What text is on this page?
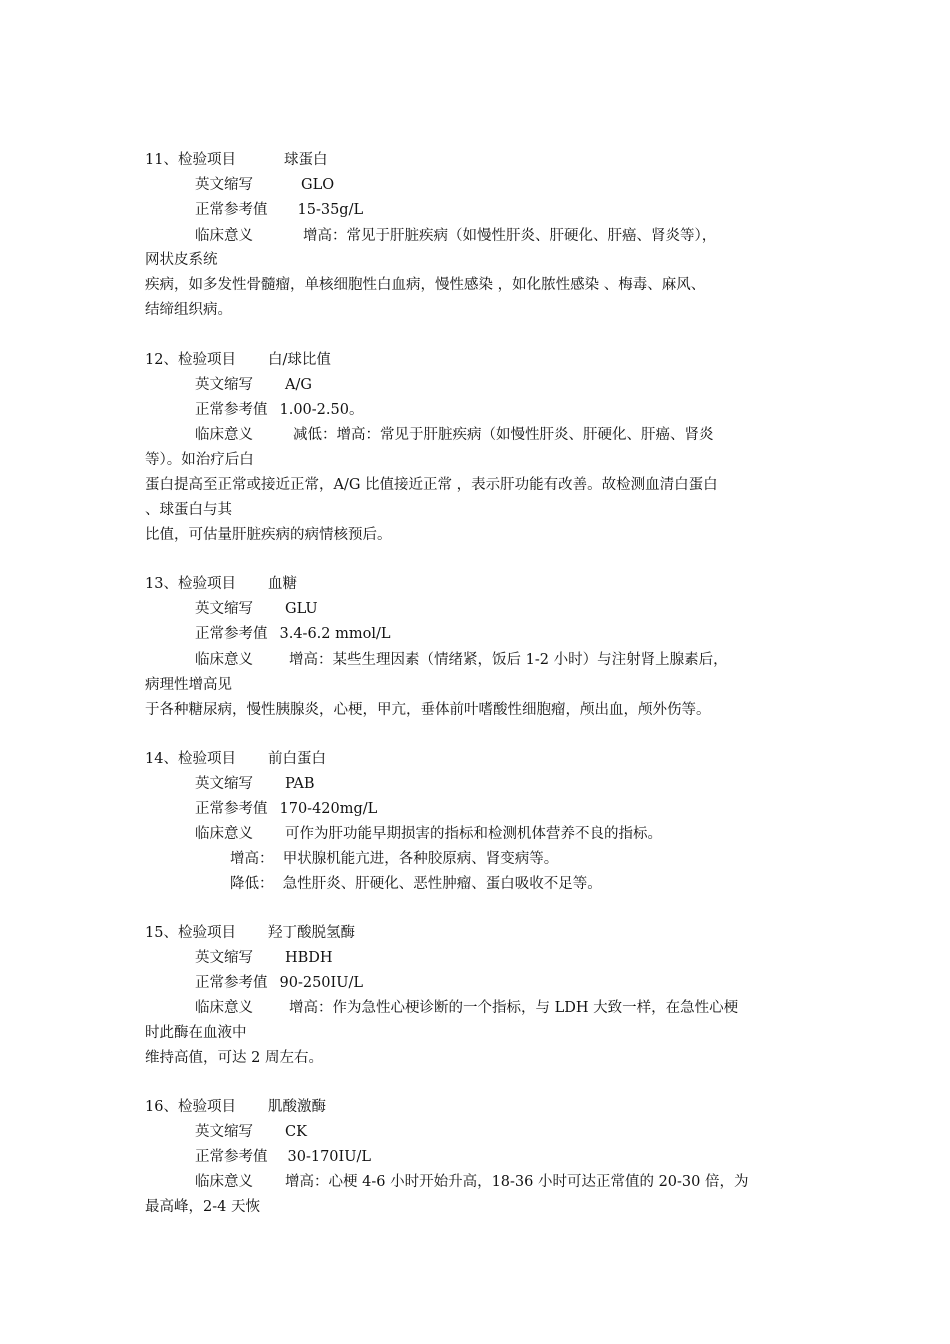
11、检验项目	球蛋白
英文缩写	GLO
正常参考值 15-35g/L
临床意义	增高：常见于肝脏疾病（如慢性肝炎、肝硬化、肝癌、肾炎等），
网状皮系统
疾病，如多发性骨髓瘤，单核细胞性白血病，慢性感染 ，如化脓性感染 、梅毒、麻风、
结缔组织病。
12、检验项目 白/球比值
英文缩写 A/G
正常参考值 1.00-2.50。
临床意义	减低：增高：常见于肝脏疾病（如慢性肝炎、肝硬化、肝癌、肾炎
等）。如治疗后白
蛋白提高至正常或接近正常，A/G 比值接近正常 ，表示肝功能有改善。故检测血清白蛋白
、球蛋白与其
比值，可估量肝脏疾病的病情核预后。
13、检验项目 血糖
英文缩写 GLU
正常参考值 3.4-6.2 mmol/L
临床意义 增高：某些生理因素（情绪紧，饭后 1-2 小时）与注射肾上腺素后，
病理性增高见
于各种糖尿病，慢性胰腺炎，心梗，甲亢，垂体前叶嗜酸性细胞瘤，颅出血，颅外伤等。
14、检验项目 前白蛋白
英文缩写 PAB
正常参考值 170-420mg/L
临床意义 可作为肝功能早期损害的指标和检测机体营养不良的指标。
增高：  甲状腺机能亢进，各种胶原病、肾变病等。
降低：  急性肝炎、肝硬化、恶性肿瘤、蛋白吸收不足等。
15、检验项目 羟丁酸脱氢酶
英文缩写 HBDH
正常参考值 90-250IU/L
临床意义 增高：作为急性心梗诊断的一个指标，与 LDH 大致一样，在急性心梗
时此酶在血液中
维持高值，可达 2 周左右。
16、检验项目 肌酸激酶
英文缩写 CK
正常参考值 30-170IU/L
临床意义 增高：心梗 4-6 小时开始升高，18-36 小时可达正常值的 20-30 倍，为
最高峰，2-4 天恢
